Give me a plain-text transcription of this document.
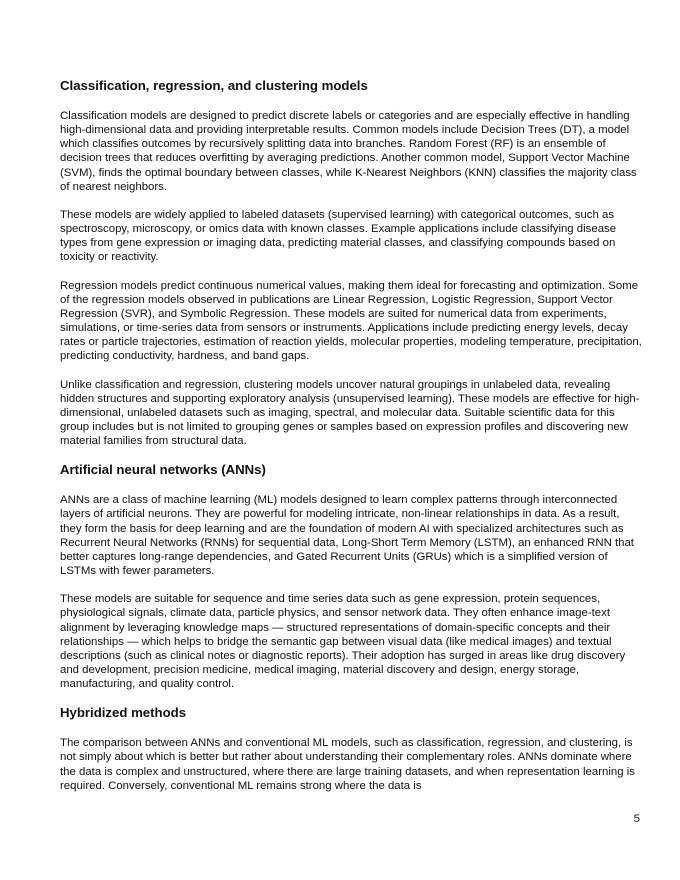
Classification, regression, and clustering models

Classification models are designed to predict discrete labels or categories and are especially effective in handling high-dimensional data and providing interpretable results. Common models include Decision Trees (DT), a model which classifies outcomes by recursively splitting data into branches. Random Forest (RF) is an ensemble of decision trees that reduces overfitting by averaging predictions. Another common model, Support Vector Machine (SVM), finds the optimal boundary between classes, while K-Nearest Neighbors (KNN) classifies the majority class of nearest neighbors.

These models are widely applied to labeled datasets (supervised learning) with categorical outcomes, such as spectroscopy, microscopy, or omics data with known classes. Example applications include classifying disease types from gene expression or imaging data, predicting material classes, and classifying compounds based on toxicity or reactivity.

Regression models predict continuous numerical values, making them ideal for forecasting and optimization. Some of the regression models observed in publications are Linear Regression, Logistic Regression, Support Vector Regression (SVR), and Symbolic Regression. These models are suited for numerical data from experiments, simulations, or time-series data from sensors or instruments. Applications include predicting energy levels, decay rates or particle trajectories, estimation of reaction yields, molecular properties, modeling temperature, precipitation, predicting conductivity, hardness, and band gaps.

Unlike classification and regression, clustering models uncover natural groupings in unlabeled data, revealing hidden structures and supporting exploratory analysis (unsupervised learning). These models are effective for high-dimensional, unlabeled datasets such as imaging, spectral, and molecular data. Suitable scientific data for this group includes but is not limited to grouping genes or samples based on expression profiles and discovering new material families from structural data.

Artificial neural networks (ANNs)

ANNs are a class of machine learning (ML) models designed to learn complex patterns through interconnected layers of artificial neurons. They are powerful for modeling intricate, non-linear relationships in data. As a result, they form the basis for deep learning and are the foundation of modern AI with specialized architectures such as Recurrent Neural Networks (RNNs) for sequential data, Long-Short Term Memory (LSTM), an enhanced RNN that better captures long-range dependencies, and Gated Recurrent Units (GRUs) which is a simplified version of LSTMs with fewer parameters.

These models are suitable for sequence and time series data such as gene expression, protein sequences, physiological signals, climate data, particle physics, and sensor network data. They often enhance image-text alignment by leveraging knowledge maps — structured representations of domain-specific concepts and their relationships — which helps to bridge the semantic gap between visual data (like medical images) and textual descriptions (such as clinical notes or diagnostic reports). Their adoption has surged in areas like drug discovery and development, precision medicine, medical imaging, material discovery and design, energy storage, manufacturing, and quality control.

Hybridized methods

The comparison between ANNs and conventional ML models, such as classification, regression, and clustering, is not simply about which is better but rather about understanding their complementary roles. ANNs dominate where the data is complex and unstructured, where there are large training datasets, and when representation learning is required. Conversely, conventional ML remains strong where the data is

5
